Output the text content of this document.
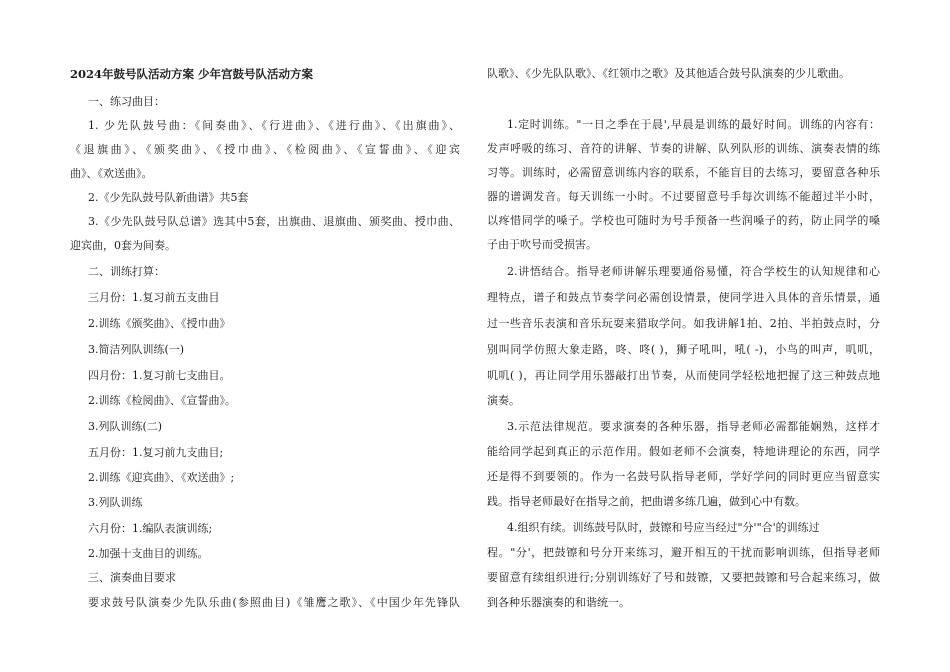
2024年鼓号队活动方案 少年宫鼓号队活动方案
一、练习曲目：
1. 少先队鼓号曲：《间奏曲》、《行进曲》、《进行曲》、《出旗曲》、
《退旗曲》、《颁奖曲》、《授巾曲》、《检阅曲》、《宣誓曲》、《迎宾
曲》、《欢送曲》。
2.《少先队鼓号队新曲谱》共5套
3.《少先队鼓号队总谱》选其中5套，出旗曲、退旗曲、颁奖曲、授巾曲、
迎宾曲，0套为间奏。
二、训练打算：
三月份：1.复习前五支曲目
2.训练《颁奖曲》、《授巾曲》
3.简洁列队训练(一)
四月份：1.复习前七支曲目。
2.训练《检阅曲》、《宣誓曲》。
3.列队训练(二)
五月份：1.复习前九支曲目;
2.训练《迎宾曲》、《欢送曲》;
3.列队训练
六月份：1.编队表演训练;
2.加强十支曲目的训练。
三、演奏曲目要求
要求鼓号队演奏少先队乐曲(参照曲目)《雏鹰之歌》、《中国少年先锋队
队歌》、《少先队队歌》、《红领巾之歌》及其他适合鼓号队演奏的少儿歌曲。
1.定时训练。"一日之季在于晨',早晨是训练的最好时间。训练的内容有：
发声呼吸的练习、音符的讲解、节奏的讲解、队列队形的训练、演奏表情的练
习等。训练时，必需留意训练内容的联系，不能盲目的去练习，要留意各种乐
器的谱调发音。每天训练一小时。不过要留意号手每次训练不能超过半小时，
以疼惜同学的嗓子。学校也可随时为号手预备一些润嗓子的药，防止同学的嗓
子由于吹号而受损害。
2.讲悟结合。指导老师讲解乐理要通俗易懂，符合学校生的认知规律和心
理特点，谱子和鼓点节奏学问必需创设情景，使同学进入具体的音乐情景，通
过一些音乐表演和音乐玩耍来猎取学问。如我讲解1拍、2拍、半拍鼓点时，分
别叫同学仿照大象走路，咚、咚( )，狮子吼叫，吼( -)，小鸟的叫声，叽叽，
叽叽( )，再让同学用乐器敲打出节奏，从而使同学轻松地把握了这三种鼓点地
演奏。
3.示范法律规范。要求演奏的各种乐器，指导老师必需都能娴熟，这样才
能给同学起到真正的示范作用。假如老师不会演奏，特地讲理论的东西，同学
还是得不到要领的。作为一名鼓号队指导老师，学好学问的同时更应当留意实
践。指导老师最好在指导之前，把曲谱多练几遍，做到心中有数。
4.组织有续。训练鼓号队时，鼓镲和号应当经过"分'"合'的训练过
程。"分'，把鼓镲和号分开来练习，避开相互的干扰而影响训练，但指导老师
要留意有续组织进行;分别训练好了号和鼓镲，又要把鼓镲和号合起来练习，做
到各种乐器演奏的和谐统一。
